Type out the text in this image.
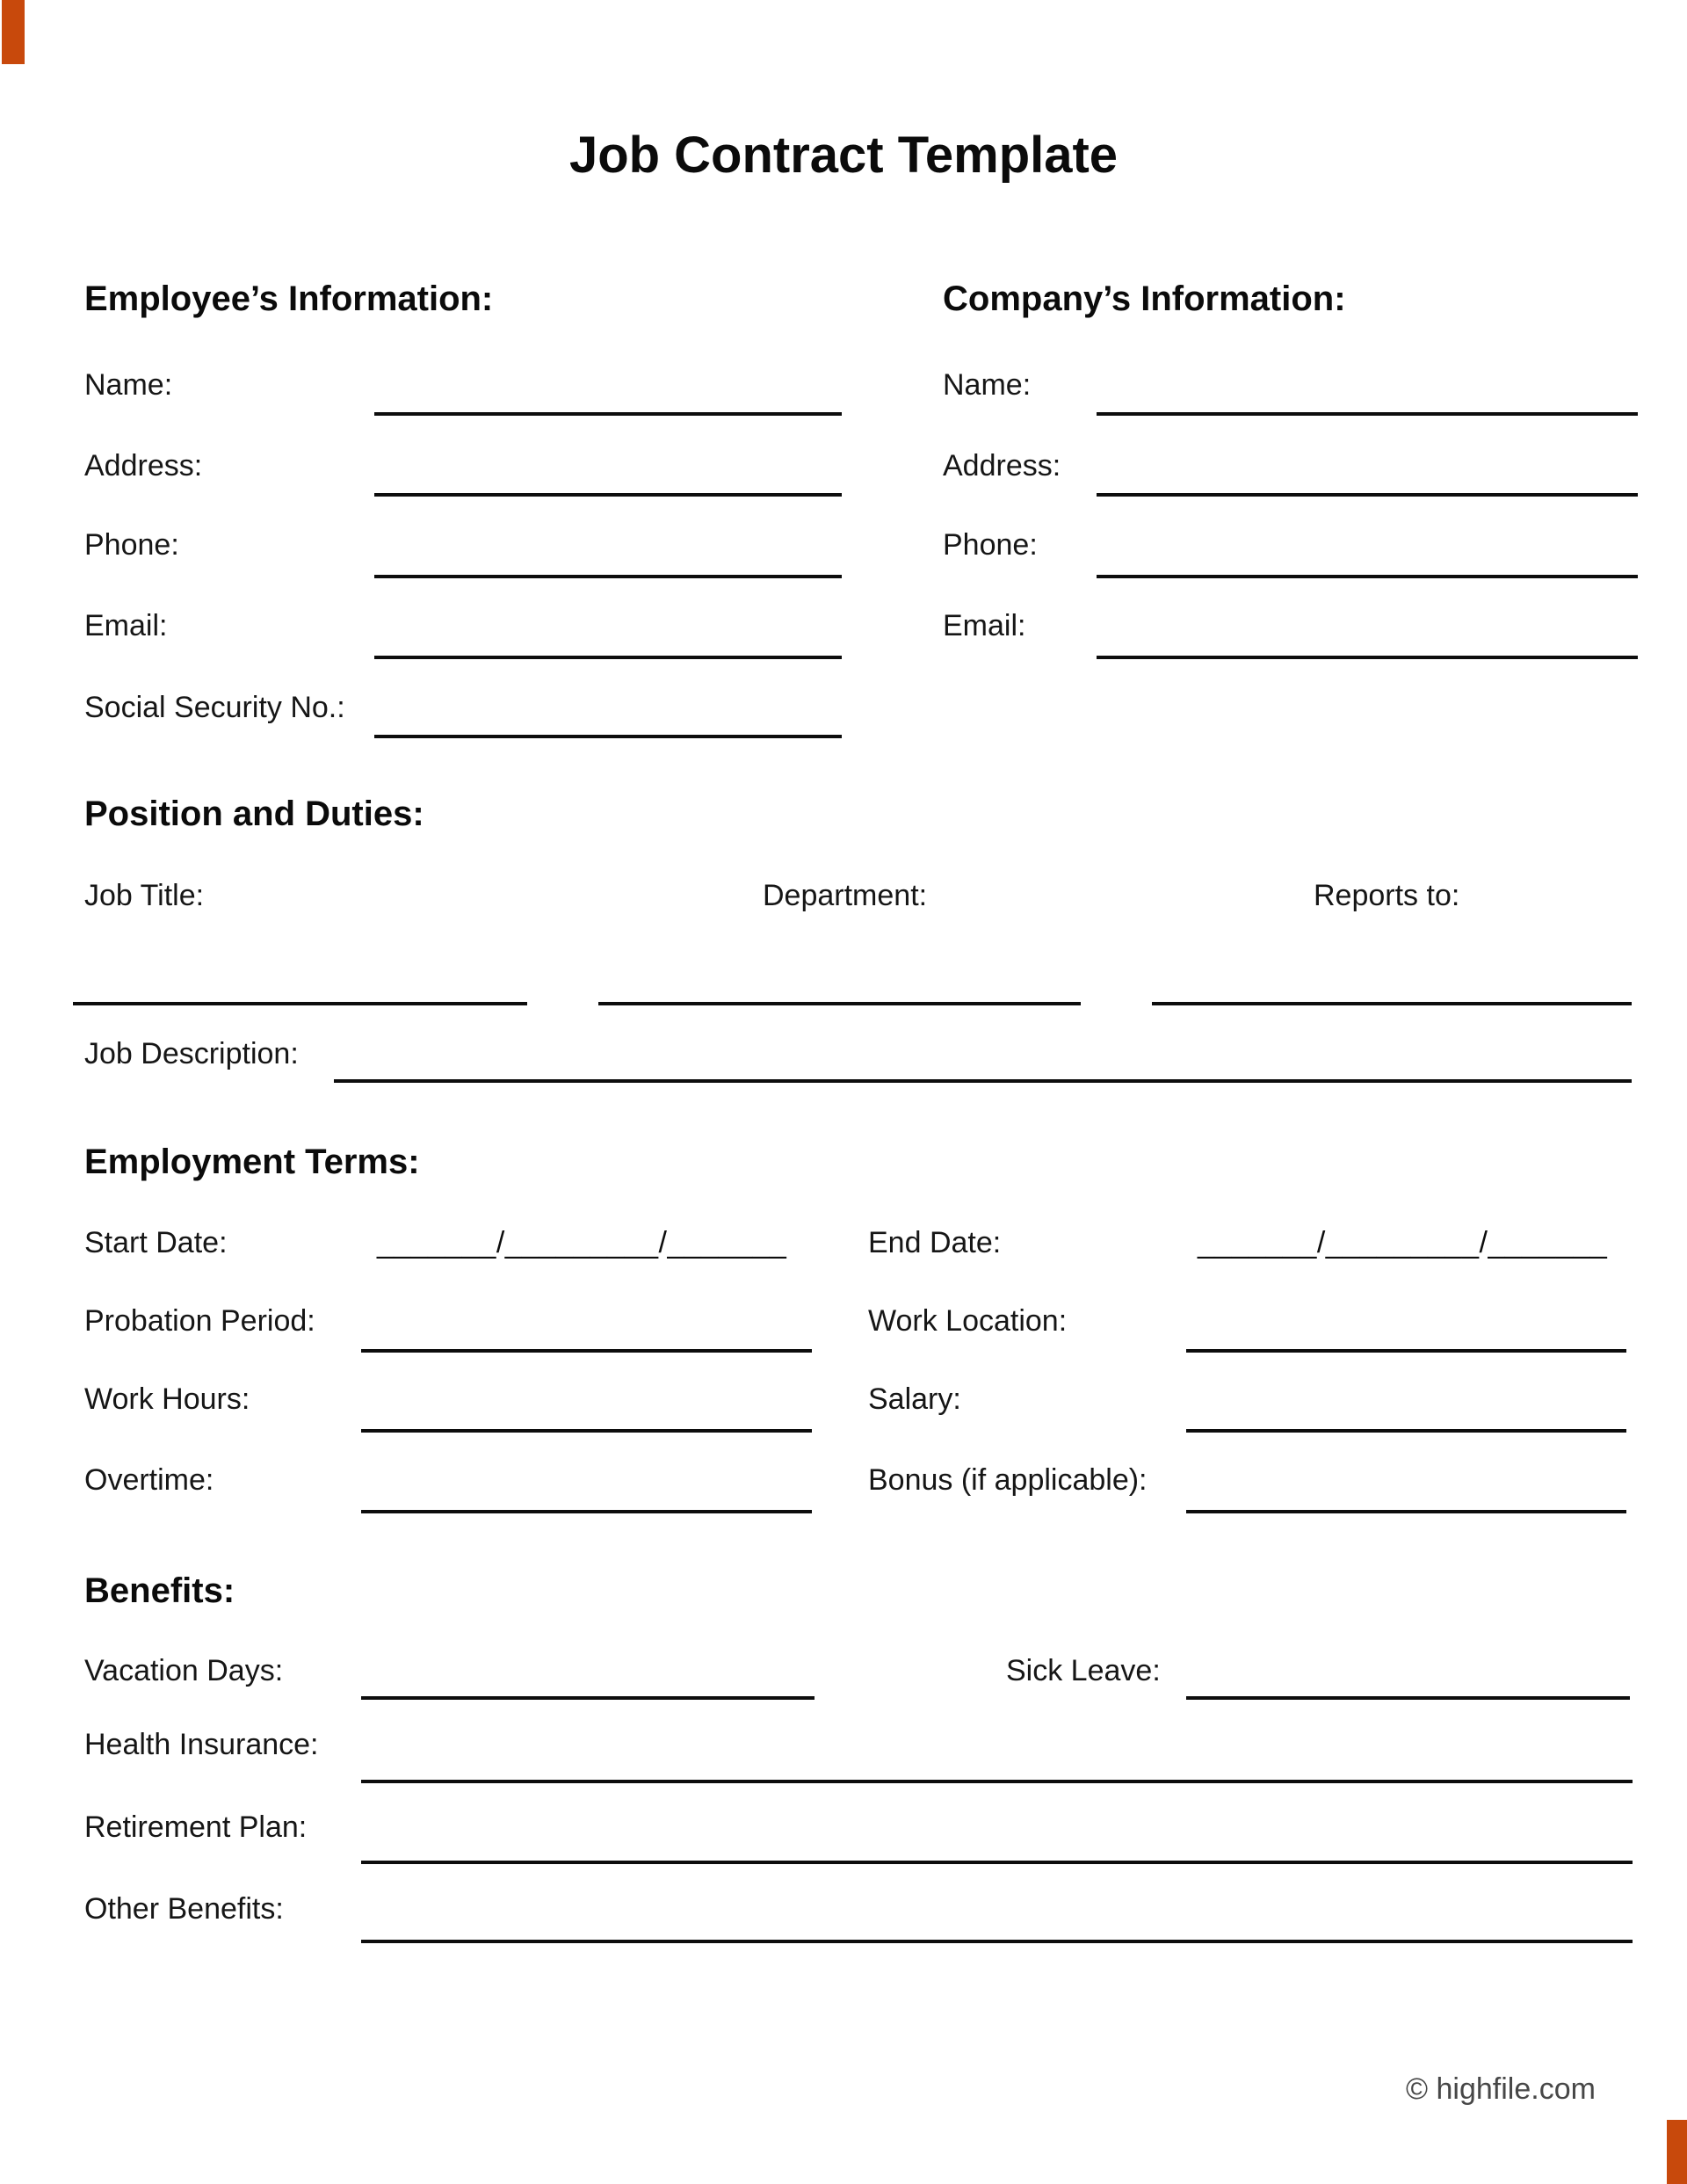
Job Contract Template
Employee’s Information:
Name:
Address:
Phone:
Email:
Social Security No.:
Company’s Information:
Name:
Address:
Phone:
Email:
Position and Duties:
Job Title:	Department:	Reports to:
Job Description:
Employment Terms:
Start Date:	_______/_________/_______	End Date:	_______/_________/_______
Probation Period:	Work Location:
Work Hours:	Salary:
Overtime:	Bonus (if applicable):
Benefits:
Vacation Days:	Sick Leave:
Health Insurance:
Retirement Plan:
Other Benefits:
© highfile.com
